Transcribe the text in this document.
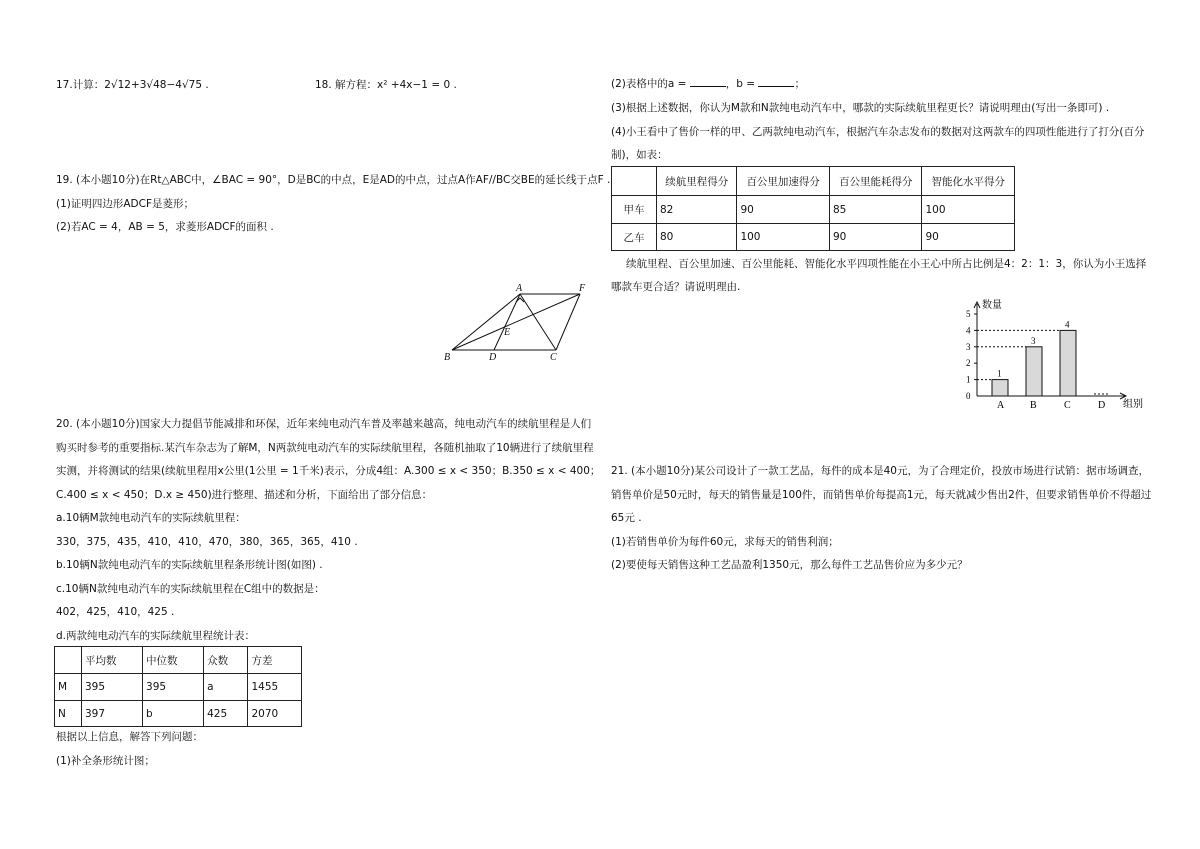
17.计算：2√12+3√48−4√75 .	18. 解方程：x² +4x−1 = 0 .
19. (本小题10分)在Rt△ABC中，∠BAC = 90°，D是BC的中点，E是AD的中点，过点A作AF//BC交BE的延长线于点F .
(1)证明四边形ADCF是菱形；
(2)若AC = 4，AB = 5，求菱形ADCF的面积 .
A	F
E
B	D	C
20. (本小题10分)国家大力提倡节能减排和环保，近年来纯电动汽车普及率越来越高，纯电动汽车的续航里程是人们
购买时参考的重要指标.某汽车杂志为了解M，N两款纯电动汽车的实际续航里程，各随机抽取了10辆进行了续航里程
实测，并将测试的结果(续航里程用x公里(1公里 = 1千米)表示，分成4组：A.300 ≤ x < 350；B.350 ≤ x < 400；
C.400 ≤ x < 450；D.x ≥ 450)进行整理、描述和分析，下面给出了部分信息：
a.10辆M款纯电动汽车的实际续航里程：
330，375，435，410，410，470，380，365，365，410 .
b.10辆N款纯电动汽车的实际续航里程条形统计图(如图) .
c.10辆N款纯电动汽车的实际续航里程在C组中的数据是：
402，425，410，425 .
d.两款纯电动汽车的实际续航里程统计表：
	平均数	中位数	众数	方差
M	395	395	a	1455
N	397	b	425	2070
根据以上信息，解答下列问题：
(1)补全条形统计图；
(2)表格中的a =	，b =	；
(3)根据上述数据，你认为M款和N款纯电动汽车中，哪款的实际续航里程更长？请说明理由(写出一条即可) .
(4)小王看中了售价一样的甲、乙两款纯电动汽车，根据汽车杂志发布的数据对这两款车的四项性能进行了打分(百分
制)，如表：
	续航里程得分	百公里加速得分	百公里能耗得分	智能化水平得分
甲车	82	90	85	100
乙车	80	100	90	90
续航里程、百公里加速、百公里能耗、智能化水平四项性能在小王心中所占比例是4：2：1：3，你认为小王选择
哪款车更合适？请说明理由.
数量
组别
0
1
2
3
4
5
A	B	C	D
1
3
4
21. (本小题10分)某公司设计了一款工艺品，每件的成本是40元，为了合理定价，投放市场进行试销：据市场调查，
销售单价是50元时，每天的销售量是100件，而销售单价每提高1元，每天就减少售出2件，但要求销售单价不得超过
65元 .
(1)若销售单价为每件60元，求每天的销售利润；
(2)要使每天销售这种工艺品盈利1350元，那么每件工艺品售价应为多少元？
